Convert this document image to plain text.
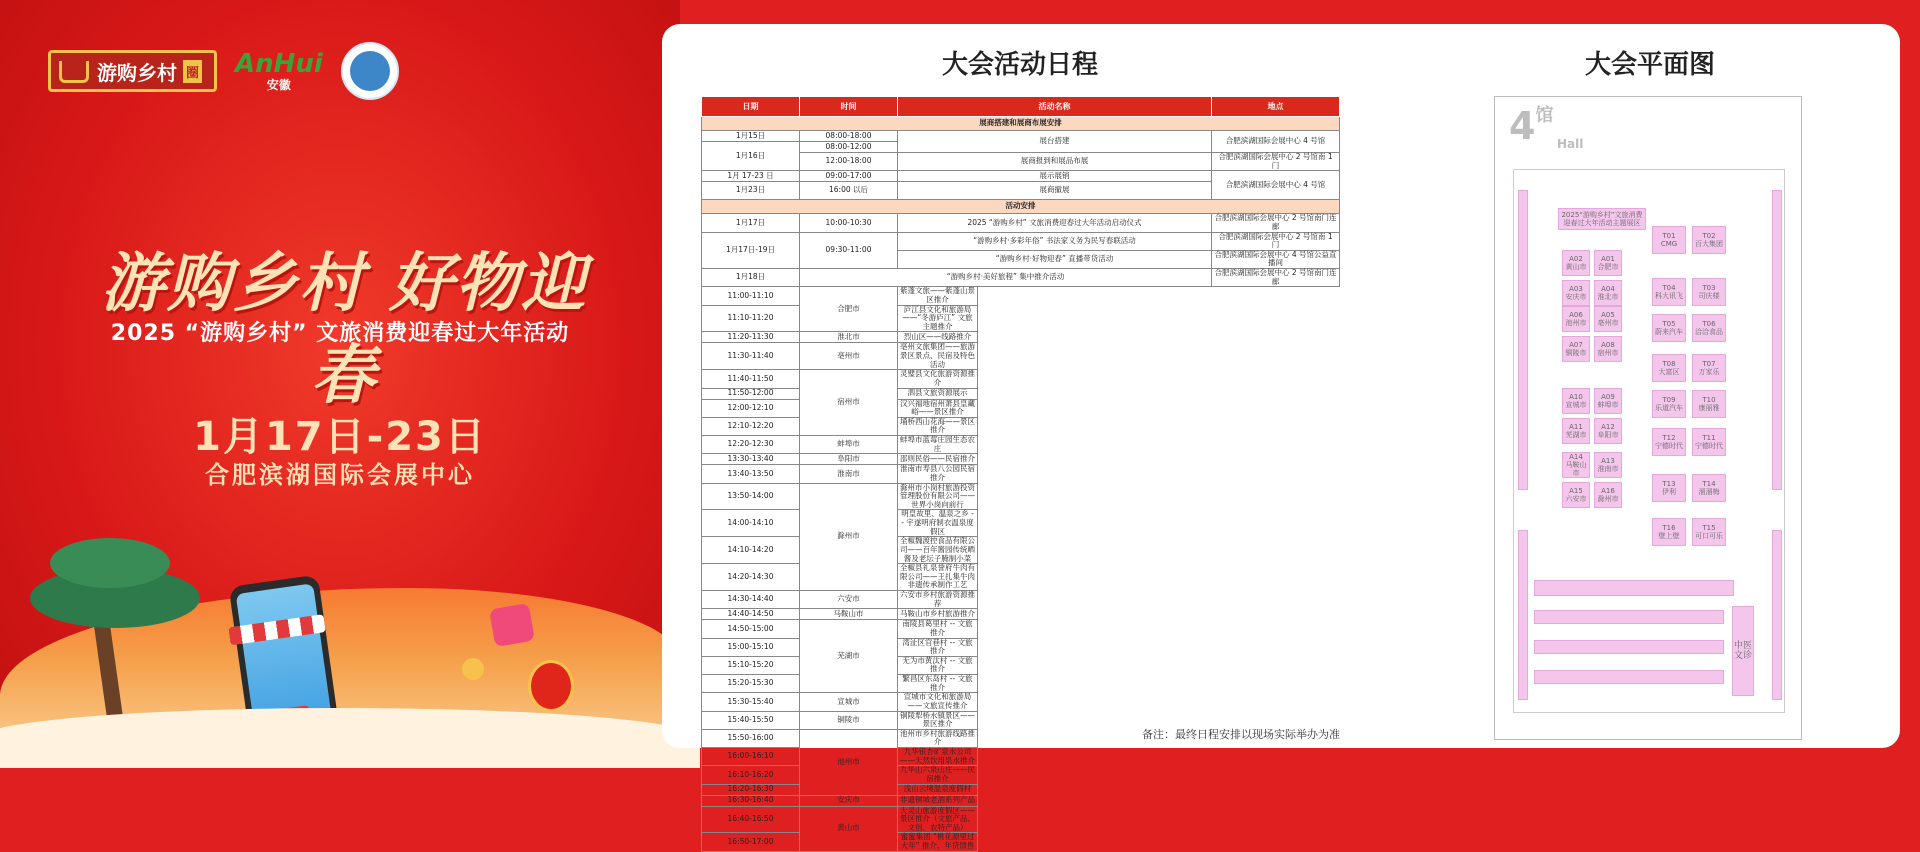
游购乡村 圈 AnHui
安徽
游购乡村 好物迎春
2025 “游购乡村” 文旅消费迎春过大年活动
1月17日-23日
合肥滨湖国际会展中心
大会活动日程	大会平面图
日期	时间	活动名称	地点
展商搭建和展商布展安排			
1月15日	08:00-18:00	展台搭建	合肥滨湖国际会展中心 4 号馆
1月16日	08:00-12:00		
	12:00-18:00	展商报到和展品布展	合肥滨湖国际会展中心 2 号馆南 1 门
1月 17-23 日	09:00-17:00	展示展销	合肥滨湖国际会展中心 4 号馆
1月23日	16:00 以后	展商撤展	
活动安排			
1月17日	10:00-10:30	2025 “游购乡村” 文旅消费迎春过大年活动启动仪式	合肥滨湖国际会展中心 2 号馆南门连廊
1月17日-19日	09:30-11:00	“游购乡村·多彩年俗” 书法家义务为民写春联活动	合肥滨湖国际会展中心 2 号馆南 1 门
		“游购乡村·好物迎春” 直播带货活动	合肥滨湖国际会展中心 4 号馆公益直播间
1月18日	“游购乡村·美好旅程” 集中推介活动		合肥滨湖国际会展中心 2 号馆南门连廊
11:00-11:10	合肥市	紫蓬文旅——紫蓬山景区推介	
11:10-11:20		庐江县文化和旅游局——“冬游庐江” 文旅主题推介	
11:20-11:30	淮北市	烈山区——线路推介	
11:30-11:40	亳州市	亳州文旅集团——旅游景区景点、民宿及特色活动	
11:40-11:50	宿州市	灵璧县文化旅游资源推介	
11:50-12:00		泗县文旅资源展示	
12:00-12:10		汉兴福地宿州萧县皇藏峪——景区推介	
12:10-12:20		埇桥西山花海——景区推介	
12:20-12:30	蚌埠市	蚌埠市蓝莓庄园生态农庄	
13:30-13:40	阜阳市	邵则民俗——民宿推介	
13:40-13:50	淮南市	淮南市寿县八公园民宿推介	
13:50-14:00	滁州市	滁州市小岗村旅游投资管理股份有限公司——世界小岗向前行	
14:00-14:10		明皇故里、温泉之乡 -- 宇遂明府制衣温泉度假区	
14:10-14:20		全椒魏渡控食品有限公司——百年酱园传统晒酱及老坛子腌制小菜	
14:20-14:30		全椒县礼泉誉府牛肉有限公司——王扎集牛肉非遗传承制作工艺	
14:30-14:40	六安市	六安市乡村旅游资源推荐	
14:40-14:50	马鞍山市	马鞍山市乡村旅游推介	
14:50-15:00	芜湖市	南陵县葛里村 -- 文旅推介	
15:00-15:10		湾沚区官巷村 -- 文旅推介	
15:10-15:20		无为市黄汰村 -- 文旅推介	
15:20-15:30		繁昌区东岛村 -- 文旅推介	
15:30-15:40	宣城市	宣城市文化和旅游局——文旅宣传推介	
15:40-15:50	铜陵市	铜陵犁桥水镇景区——景区推介	
15:50-16:00	池州市	池州市乡村旅游线路推介	
16:00-16:10		九华银杏矿泉水公司——天然饮用泉水推介	
16:10-16:20		九华山六泉山庄——民宿推介	
16:20-16:30		浅山云境温泉度假村	
16:30-16:40	安庆市	非遗铜城老酒系列产品	
16:40-16:50	黄山市	大灵山旅游度假区——景区推介（文旅产品、文创、农特产品）	
16:50-17:00		蜜蜜集团 “桃花源里过大年” 推介、年货馈售	
备注：最终日程安排以现场实际举办为准
$4^馆$
Hall
2025“游购乡村”文旅消费迎春过大年活动主题展区
中医文诊
A02
黄山市
A01
合肥市
A03
安庆市
A04
淮北市
A06
池州市
A05
亳州市
A07
铜陵市
A08
宿州市
A10
宣城市
A09
蚌埠市
A11
芜湖市
A12
阜阳市
A14
马鞍山市
A13
淮南市
A15
六安市
A16
滁州市
T01
CMG
T02
百大集团
T04
科大讯飞
T03
司庆楼
T05
蔚来汽车
T06
洽洽食品
T08
大富区
T07
万家乐
T09
乐道汽车
T10
康丽雅
T12
宁德时代
T11
宁德时代
T13
伊利
T14
溜溜梅
T16
壁上壁
T15
可口可乐
